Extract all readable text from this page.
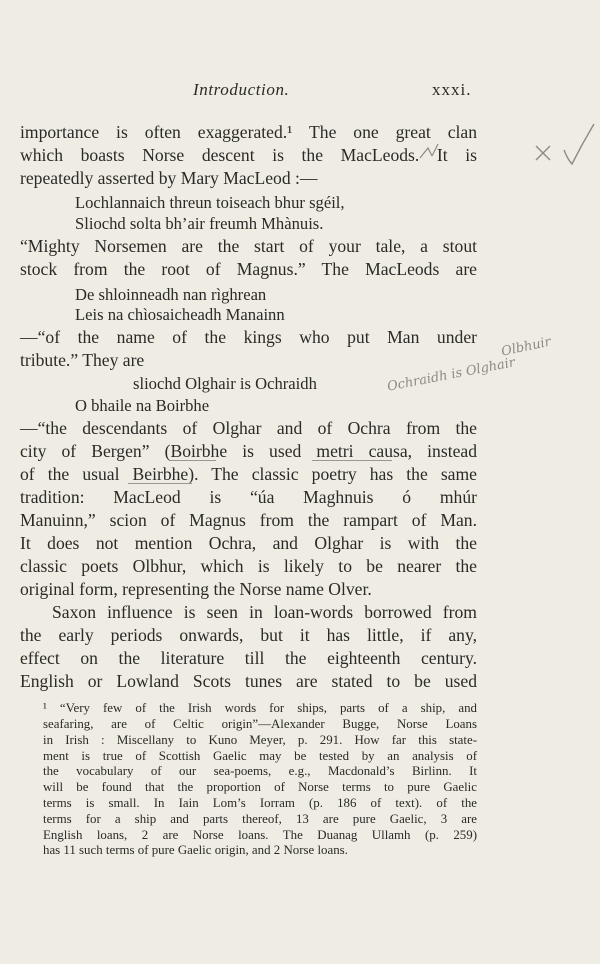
Introduction.	xxxi.
importance is often exaggerated.¹ The one great clan
which boasts Norse descent is the MacLeods. It is
repeatedly asserted by Mary MacLeod :—
Lochlannaich threun toiseach bhur sgéil,
Sliochd solta bh’air freumh Mhànuis.
“Mighty Norsemen are the start of your tale, a stout
stock from the root of Magnus.” The MacLeods are
De shloinneadh nan rìghrean
Leis na chìosaicheadh Manainn
—“of the name of the kings who put Man under
tribute.” They are
sliochd Olghair is Ochraidh
O bhaile na Boirbhe
—“the descendants of Olghar and of Ochra from the
city of Bergen” (Boirbhe is used metri causa, instead
of the usual Beirbhe). The classic poetry has the same
tradition: MacLeod is “úa Maghnuis ó mhúr
Manuinn,” scion of Magnus from the rampart of Man.
It does not mention Ochra, and Olghar is with the
classic poets Olbhur, which is likely to be nearer the
original form, representing the Norse name Olver.
Saxon influence is seen in loan-words borrowed from
the early periods onwards, but it has little, if any,
effect on the literature till the eighteenth century.
English or Lowland Scots tunes are stated to be used
¹ “Very few of the Irish words for ships, parts of a ship, and
seafaring, are of Celtic origin”—Alexander Bugge, Norse Loans
in Irish : Miscellany to Kuno Meyer, p. 291. How far this state-
ment is true of Scottish Gaelic may be tested by an analysis of
the vocabulary of our sea-poems, e.g., Macdonald’s Birlinn. It
will be found that the proportion of Norse terms to pure Gaelic
terms is small. In Iain Lom’s Iorram (p. 186 of text). of the
terms for a ship and parts thereof, 13 are pure Gaelic, 3 are
English loans, 2 are Norse loans. The Duanag Ullamh (p. 259)
has 11 such terms of pure Gaelic origin, and 2 Norse loans.
Olbhuir
Ochraidh is Olghair
